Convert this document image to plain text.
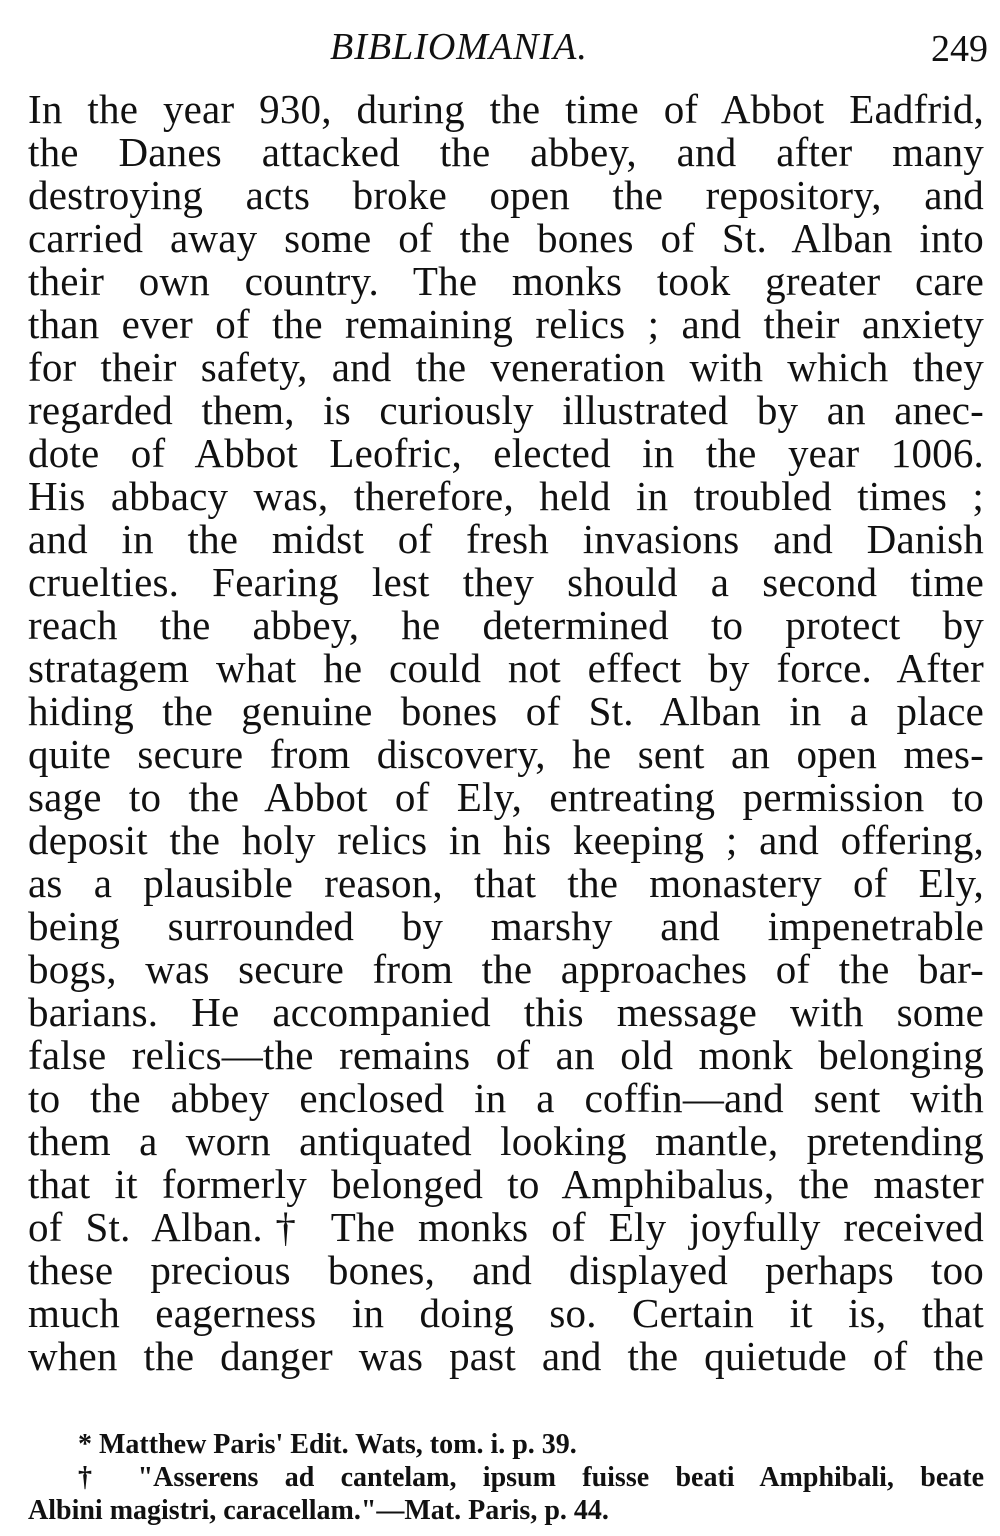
BIBLIOMANIA.	249
In the year 930, during the time of Abbot Eadfrid,
the Danes attacked the abbey, and after many
destroying acts broke open the repository, and
carried away some of the bones of St. Alban into
their own country. The monks took greater care
than ever of the remaining relics ; and their anxiety
for their safety, and the veneration with which they
regarded them, is curiously illustrated by an anec-
dote of Abbot Leofric, elected in the year 1006.
His abbacy was, therefore, held in troubled times ;
and in the midst of fresh invasions and Danish
cruelties. Fearing lest they should a second time
reach the abbey, he determined to protect by
stratagem what he could not effect by force. After
hiding the genuine bones of St. Alban in a place
quite secure from discovery, he sent an open mes-
sage to the Abbot of Ely, entreating permission to
deposit the holy relics in his keeping ; and offering,
as a plausible reason, that the monastery of Ely,
being surrounded by marshy and impenetrable
bogs, was secure from the approaches of the bar-
barians. He accompanied this message with some
false relics—the remains of an old monk belonging
to the abbey enclosed in a coffin—and sent with
them a worn antiquated looking mantle, pretending
that it formerly belonged to Amphibalus, the master
of St. Alban.† The monks of Ely joyfully received
these precious bones, and displayed perhaps too
much eagerness in doing so. Certain it is, that
when the danger was past and the quietude of the
* Matthew Paris' Edit. Wats, tom. i. p. 39.
† "Asserens ad cantelam, ipsum fuisse beati Amphibali, beate
Albini magistri, caracellam."—Mat. Paris, p. 44.
